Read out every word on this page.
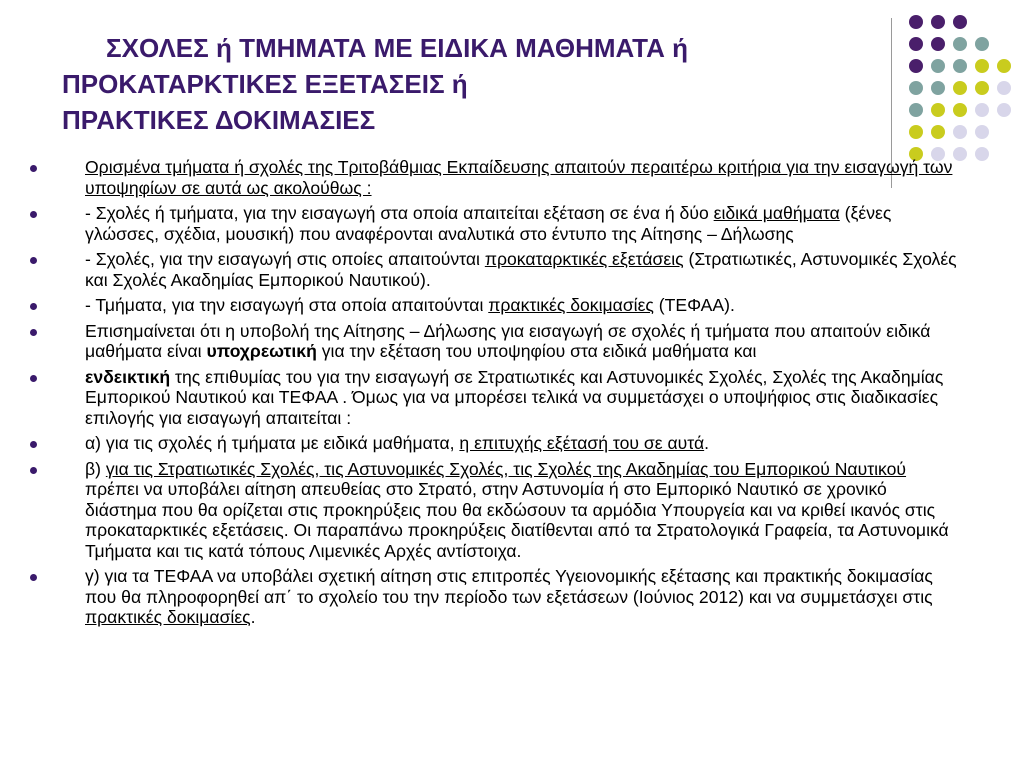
ΣΧΟΛΕΣ ή ΤΜΗΜΑΤΑ ΜΕ ΕΙΔΙΚΑ ΜΑΘΗΜΑΤΑ ή
ΠΡΟΚΑΤΑΡΚΤΙΚΕΣ ΕΞΕΤΑΣΕΙΣ ή
ΠΡΑΚΤΙΚΕΣ ΔΟΚΙΜΑΣΙΕΣ
Ορισμένα τμήματα ή σχολές της Τριτοβάθμιας Εκπαίδευσης απαιτούν περαιτέρω κριτήρια για την εισαγωγή των υποψηφίων σε αυτά ως ακολούθως :
- Σχολές ή τμήματα, για την εισαγωγή στα οποία απαιτείται εξέταση σε ένα ή δύο ειδικά μαθήματα (ξένες γλώσσες, σχέδια, μουσική) που αναφέρονται αναλυτικά στο έντυπο της Αίτησης – Δήλωσης
- Σχολές, για την εισαγωγή στις οποίες απαιτούνται προκαταρκτικές εξετάσεις (Στρατιωτικές, Αστυνομικές Σχολές και Σχολές Ακαδημίας Εμπορικού Ναυτικού).
- Τμήματα, για την εισαγωγή στα οποία απαιτούνται πρακτικές δοκιμασίες (ΤΕΦΑΑ).
Επισημαίνεται ότι η υποβολή της Αίτησης – Δήλωσης για εισαγωγή σε σχολές ή τμήματα που απαιτούν ειδικά μαθήματα είναι υποχρεωτική για την εξέταση του υποψηφίου στα ειδικά μαθήματα και
ενδεικτική της επιθυμίας του για την εισαγωγή σε Στρατιωτικές και Αστυνομικές Σχολές, Σχολές της Ακαδημίας Εμπορικού Ναυτικού και ΤΕΦΑΑ . Όμως για να μπορέσει τελικά να συμμετάσχει ο υποψήφιος στις διαδικασίες επιλογής για εισαγωγή απαιτείται :
α) για τις σχολές ή τμήματα με ειδικά μαθήματα, η επιτυχής εξέτασή του σε αυτά.
β) για τις Στρατιωτικές Σχολές, τις Αστυνομικές Σχολές, τις Σχολές της Ακαδημίας του Εμπορικού Ναυτικού πρέπει να υποβάλει αίτηση απευθείας στο Στρατό, στην Αστυνομία ή στο Εμπορικό Ναυτικό σε χρονικό διάστημα που θα ορίζεται στις προκηρύξεις που θα εκδώσουν τα αρμόδια Υπουργεία και να κριθεί ικανός στις προκαταρκτικές εξετάσεις. Οι παραπάνω προκηρύξεις διατίθενται από τα Στρατολογικά Γραφεία, τα Αστυνομικά Τμήματα και τις κατά τόπους Λιμενικές Αρχές αντίστοιχα.
γ) για τα ΤΕΦΑΑ να υποβάλει σχετική αίτηση στις επιτροπές Υγειονομικής εξέτασης και πρακτικής δοκιμασίας που θα πληροφορηθεί απ΄ το σχολείο του την περίοδο των εξετάσεων (Ιούνιος 2012) και να συμμετάσχει στις πρακτικές δοκιμασίες.
